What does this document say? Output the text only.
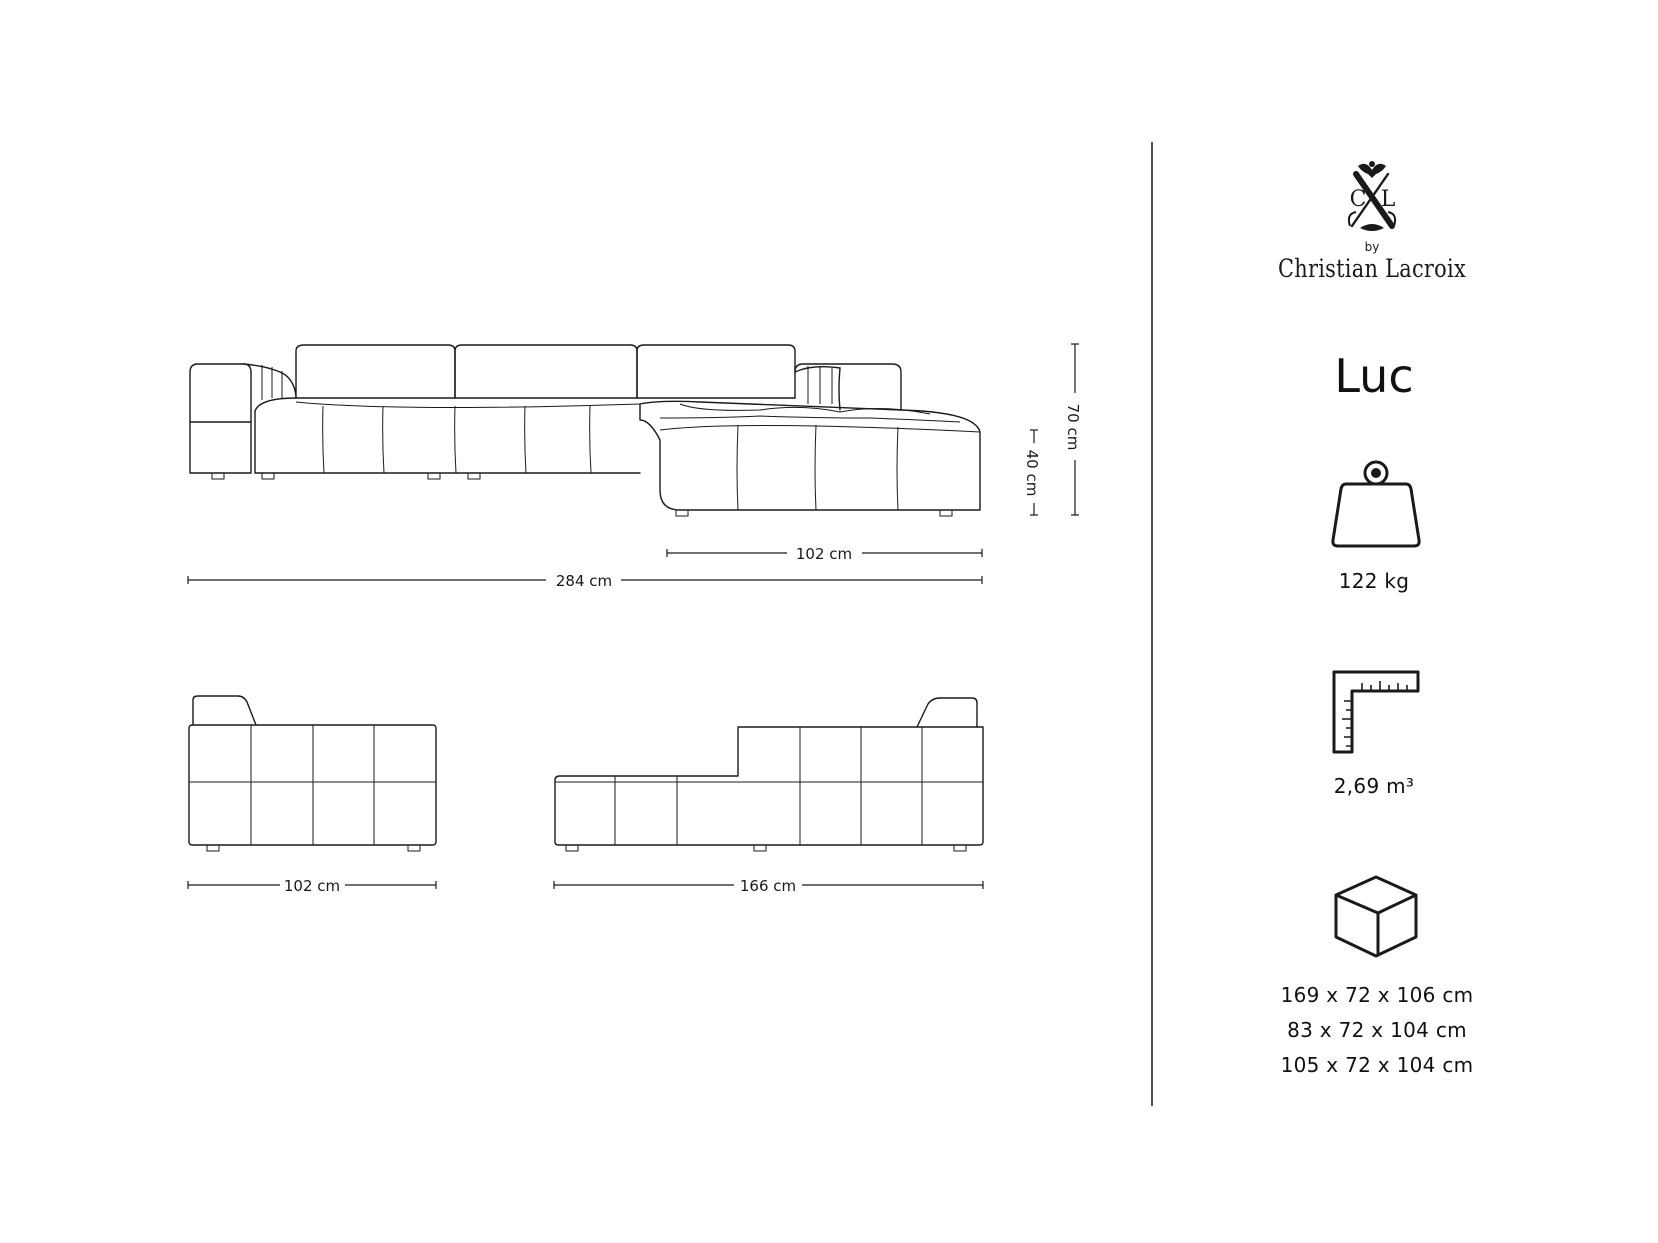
102 cm
284 cm
70 cm
40 cm
102 cm	166 cm
C L
by
Christian Lacroix
Luc
122 kg
2,69 m³
169 x 72 x 106 cm
83 x 72 x 104 cm
105 x 72 x 104 cm
